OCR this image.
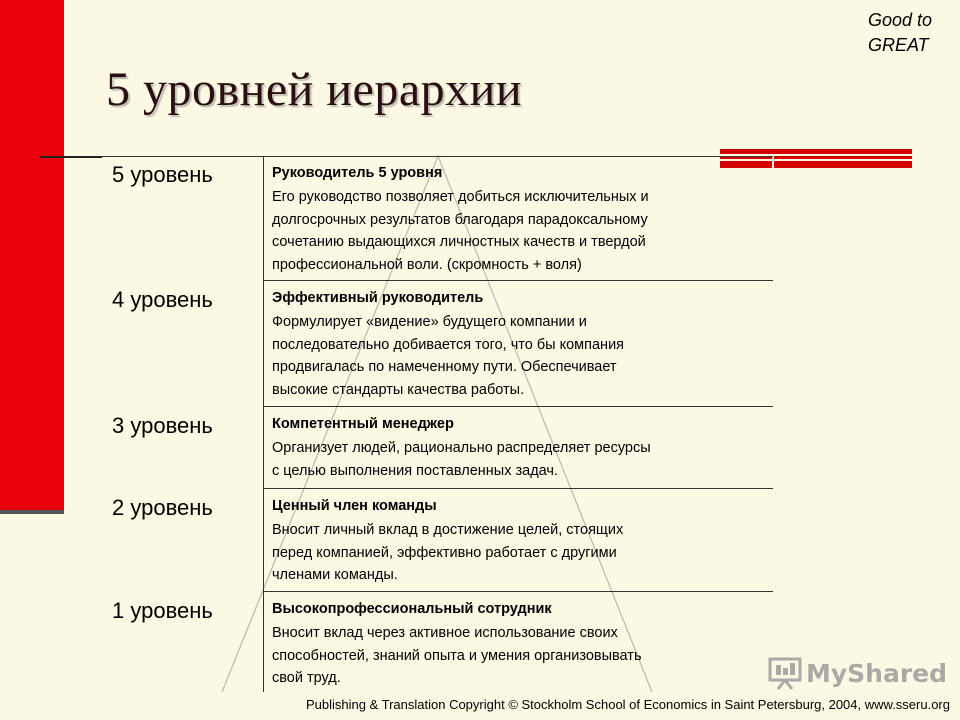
Good to
GREAT
5 уровней иерархии
5 уровень	Руководитель 5 уровня
Его руководство позволяет добиться исключительных и
долгосрочных результатов благодаря парадоксальному
сочетанию выдающихся личностных качеств и твердой
профессиональной воли. (скромность + воля)
4 уровень	Эффективный руководитель
Формулирует «видение» будущего компании и
последовательно добивается того, что бы компания
продвигалась по намеченному пути. Обеспечивает
высокие стандарты качества работы.
3 уровень	Компетентный менеджер
Организует людей, рационально распределяет ресурсы
с целью выполнения поставленных задач.
2 уровень	Ценный член команды
Вносит личный вклад в достижение целей, стоящих
перед компанией, эффективно работает с другими
членами команды.
1 уровень	Высокопрофессиональный сотрудник
Вносит вклад через активное использование своих
способностей, знаний опыта и умения организовывать
свой труд.	MyShared
Publishing & Translation Copyright © Stockholm School of Economics in Saint Petersburg, 2004, www.sseru.org
